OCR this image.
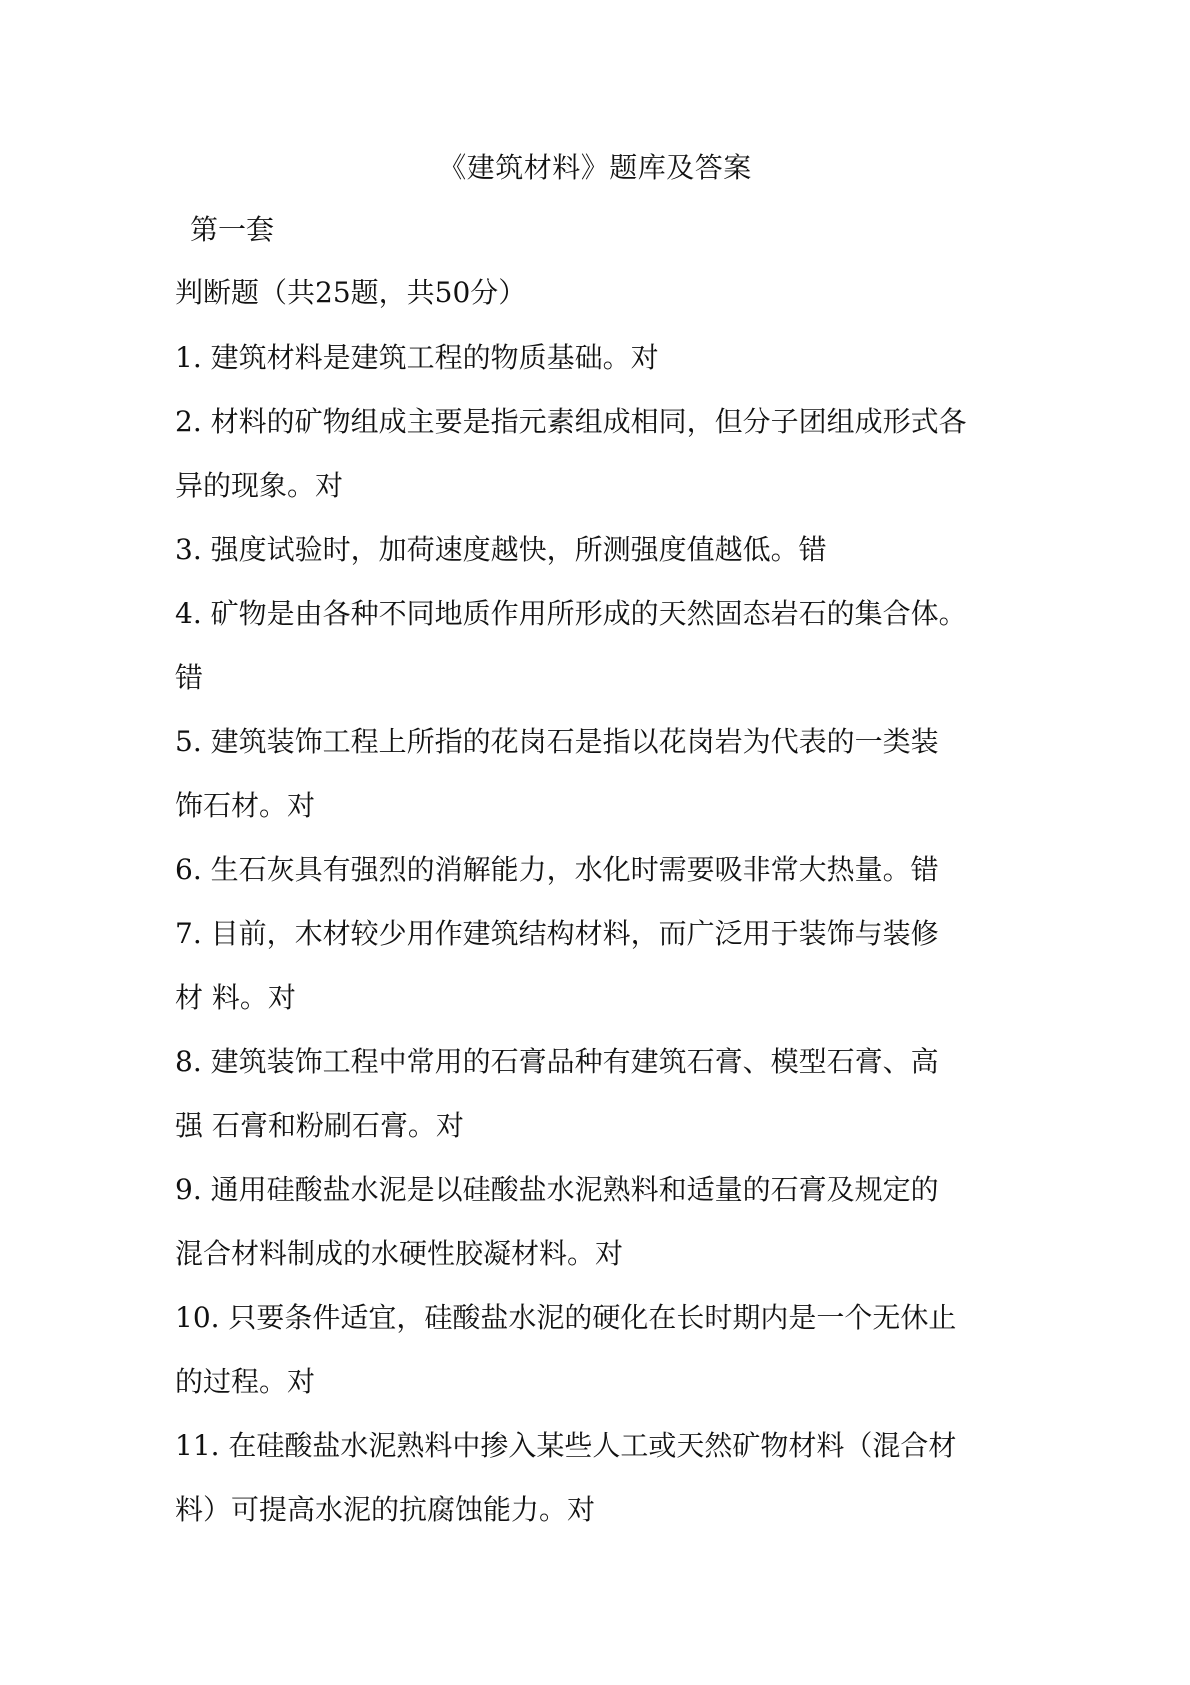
《建筑材料》题库及答案
第一套
判断题（共25题，共50分）
1. 建筑材料是建筑工程的物质基础。对
2. 材料的矿物组成主要是指元素组成相同，但分子团组成形式各
异的现象。对
3. 强度试验时，加荷速度越快，所测强度值越低。错
4. 矿物是由各种不同地质作用所形成的天然固态岩石的集合体。
错
5. 建筑装饰工程上所指的花岗石是指以花岗岩为代表的一类装
饰石材。对
6. 生石灰具有强烈的消解能力，水化时需要吸非常大热量。错
7. 目前，木材较少用作建筑结构材料，而广泛用于装饰与装修
材 料。对
8. 建筑装饰工程中常用的石膏品种有建筑石膏、模型石膏、高
强 石膏和粉刷石膏。对
9. 通用硅酸盐水泥是以硅酸盐水泥熟料和适量的石膏及规定的
混合材料制成的水硬性胶凝材料。对
10. 只要条件适宜，硅酸盐水泥的硬化在长时期内是一个无休止
的过程。对
11. 在硅酸盐水泥熟料中掺入某些人工或天然矿物材料（混合材
料）可提高水泥的抗腐蚀能力。对
